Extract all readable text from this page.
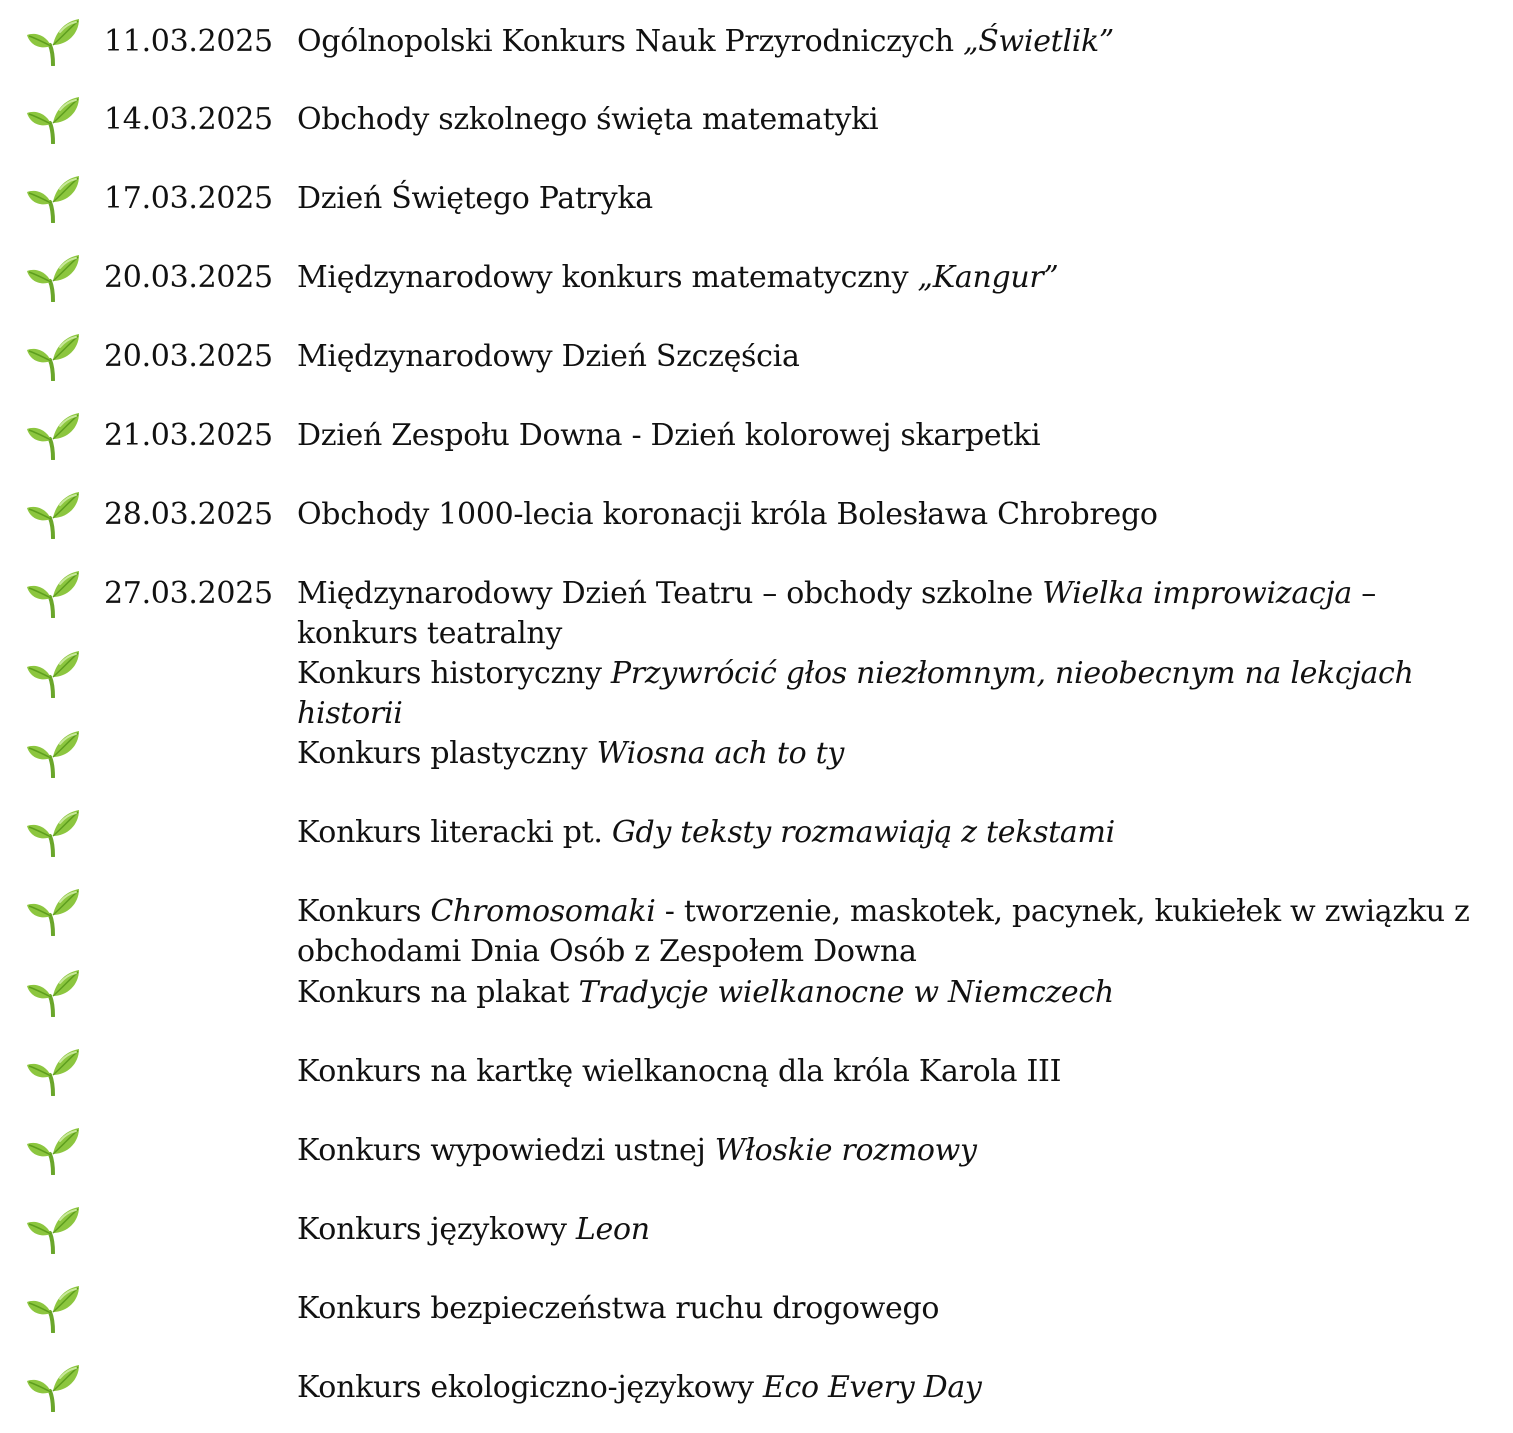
11.03.2025 Ogólnopolski Konkurs Nauk Przyrodniczych „Świetlik”
14.03.2025 Obchody szkolnego święta matematyki
17.03.2025 Dzień Świętego Patryka
20.03.2025 Międzynarodowy konkurs matematyczny „Kangur”
20.03.2025 Międzynarodowy Dzień Szczęścia
21.03.2025 Dzień Zespołu Downa - Dzień kolorowej skarpetki
28.03.2025 Obchody 1000-lecia koronacji króla Bolesława Chrobrego
27.03.2025 Międzynarodowy Dzień Teatru – obchody szkolne Wielka improwizacja – konkurs teatralny
Konkurs historyczny Przywrócić głos niezłomnym, nieobecnym na lekcjach historii
Konkurs plastyczny Wiosna ach to ty
Konkurs literacki pt. Gdy teksty rozmawiają z tekstami
Konkurs Chromosomaki - tworzenie, maskotek, pacynek, kukiełek w związku z obchodami Dnia Osób z Zespołem Downa
Konkurs na plakat Tradycje wielkanocne w Niemczech
Konkurs na kartkę wielkanocną dla króla Karola III
Konkurs wypowiedzi ustnej Włoskie rozmowy
Konkurs językowy Leon
Konkurs bezpieczeństwa ruchu drogowego
Konkurs ekologiczno-językowy Eco Every Day
